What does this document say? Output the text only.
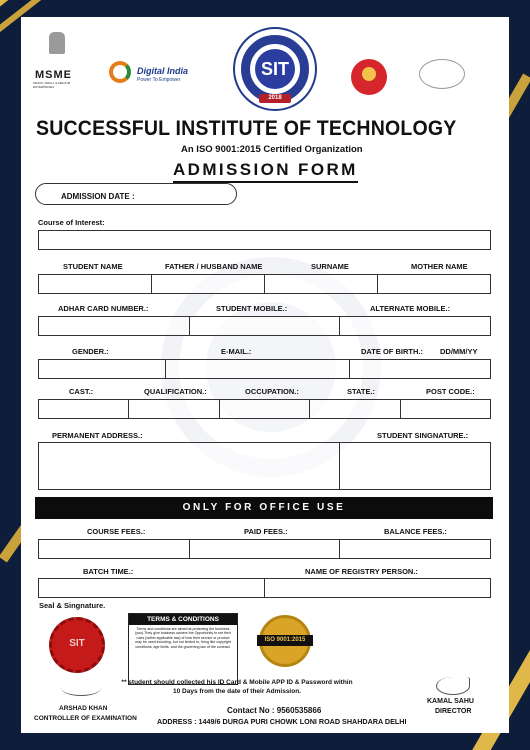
MSME
MICRO, SMALL & MEDIUM ENTERPRISES
Digital India
Power To Empower
SIT
2018
SUCCESSFUL INSTITUTE OF TECHNOLOGY
An ISO 9001:2015 Certified Organization
ADMISSION FORM
ADMISSION DATE :
Course of Interest:
STUDENT NAME	FATHER / HUSBAND NAME	SURNAME	MOTHER NAME
ADHAR CARD NUMBER.:	STUDENT MOBILE.:	ALTERNATE MOBILE.:
GENDER.:	E-MAIL.:	DATE OF BIRTH.: DD/MM/YY
CAST.:	QUALIFICATION.:	OCCUPATION.:	STATE.:	POST CODE.:
PERMANENT ADDRESS.:	STUDENT SINGNATURE.:
ONLY FOR OFFICE USE
COURSE FEES.:	PAID FEES.:	BALANCE FEES.:
BATCH TIME.:	NAME OF REGISTRY PERSON.:
Seal & Singnature.
SIT
TERMS & CONDITIONS
Terms and conditions are aimed at protecting the business (you).They give business owners the Opportunity to set their rules (within applicable law) of how their service or product may be used including, but not limited to, thing like copyright conditions, age limits, and the governing law of the contract.
ISO 9001:2015
ARSHAD KHAN
CONTROLLER OF EXAMINATION
** student should collected his ID Card & Mobile APP ID & Password within 10 Days from the date of their Admission.
Contact No : 9560535866
ADDRESS : 1449/6 DURGA PURI CHOWK LONI ROAD SHAHDARA DELHI
KAMAL SAHU
DIRECTOR
